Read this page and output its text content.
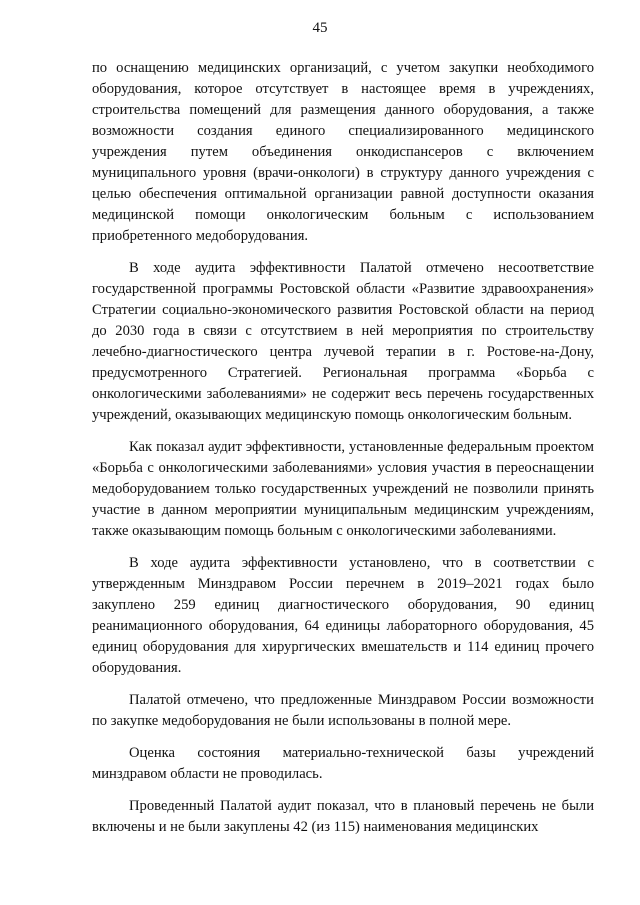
45

по оснащению медицинских организаций, с учетом закупки необходимого оборудования, которое отсутствует в настоящее время в учреждениях, строительства помещений для размещения данного оборудования, а также возможности создания единого специализированного медицинского учреждения путем объединения онкодиспансеров с включением муниципального уровня (врачи-онкологи) в структуру данного учреждения с целью обеспечения оптимальной организации равной доступности оказания медицинской помощи онкологическим больным с использованием приобретенного медоборудования.

В ходе аудита эффективности Палатой отмечено несоответствие государственной программы Ростовской области «Развитие здравоохранения» Стратегии социально-экономического развития Ростовской области на период до 2030 года в связи с отсутствием в ней мероприятия по строительству лечебно-диагностического центра лучевой терапии в г. Ростове-на-Дону, предусмотренного Стратегией. Региональная программа «Борьба с онкологическими заболеваниями» не содержит весь перечень государственных учреждений, оказывающих медицинскую помощь онкологическим больным.

Как показал аудит эффективности, установленные федеральным проектом «Борьба с онкологическими заболеваниями» условия участия в переоснащении медоборудованием только государственных учреждений не позволили принять участие в данном мероприятии муниципальным медицинским учреждениям, также оказывающим помощь больным с онкологическими заболеваниями.

В ходе аудита эффективности установлено, что в соответствии с утвержденным Минздравом России перечнем в 2019–2021 годах было закуплено 259 единиц диагностического оборудования, 90 единиц реанимационного оборудования, 64 единицы лабораторного оборудования, 45 единиц оборудования для хирургических вмешательств и 114 единиц прочего оборудования.

Палатой отмечено, что предложенные Минздравом России возможности по закупке медоборудования не были использованы в полной мере.

Оценка состояния материально-технической базы учреждений минздравом области не проводилась.

Проведенный Палатой аудит показал, что в плановый перечень не были включены и не были закуплены 42 (из 115) наименования медицинских
